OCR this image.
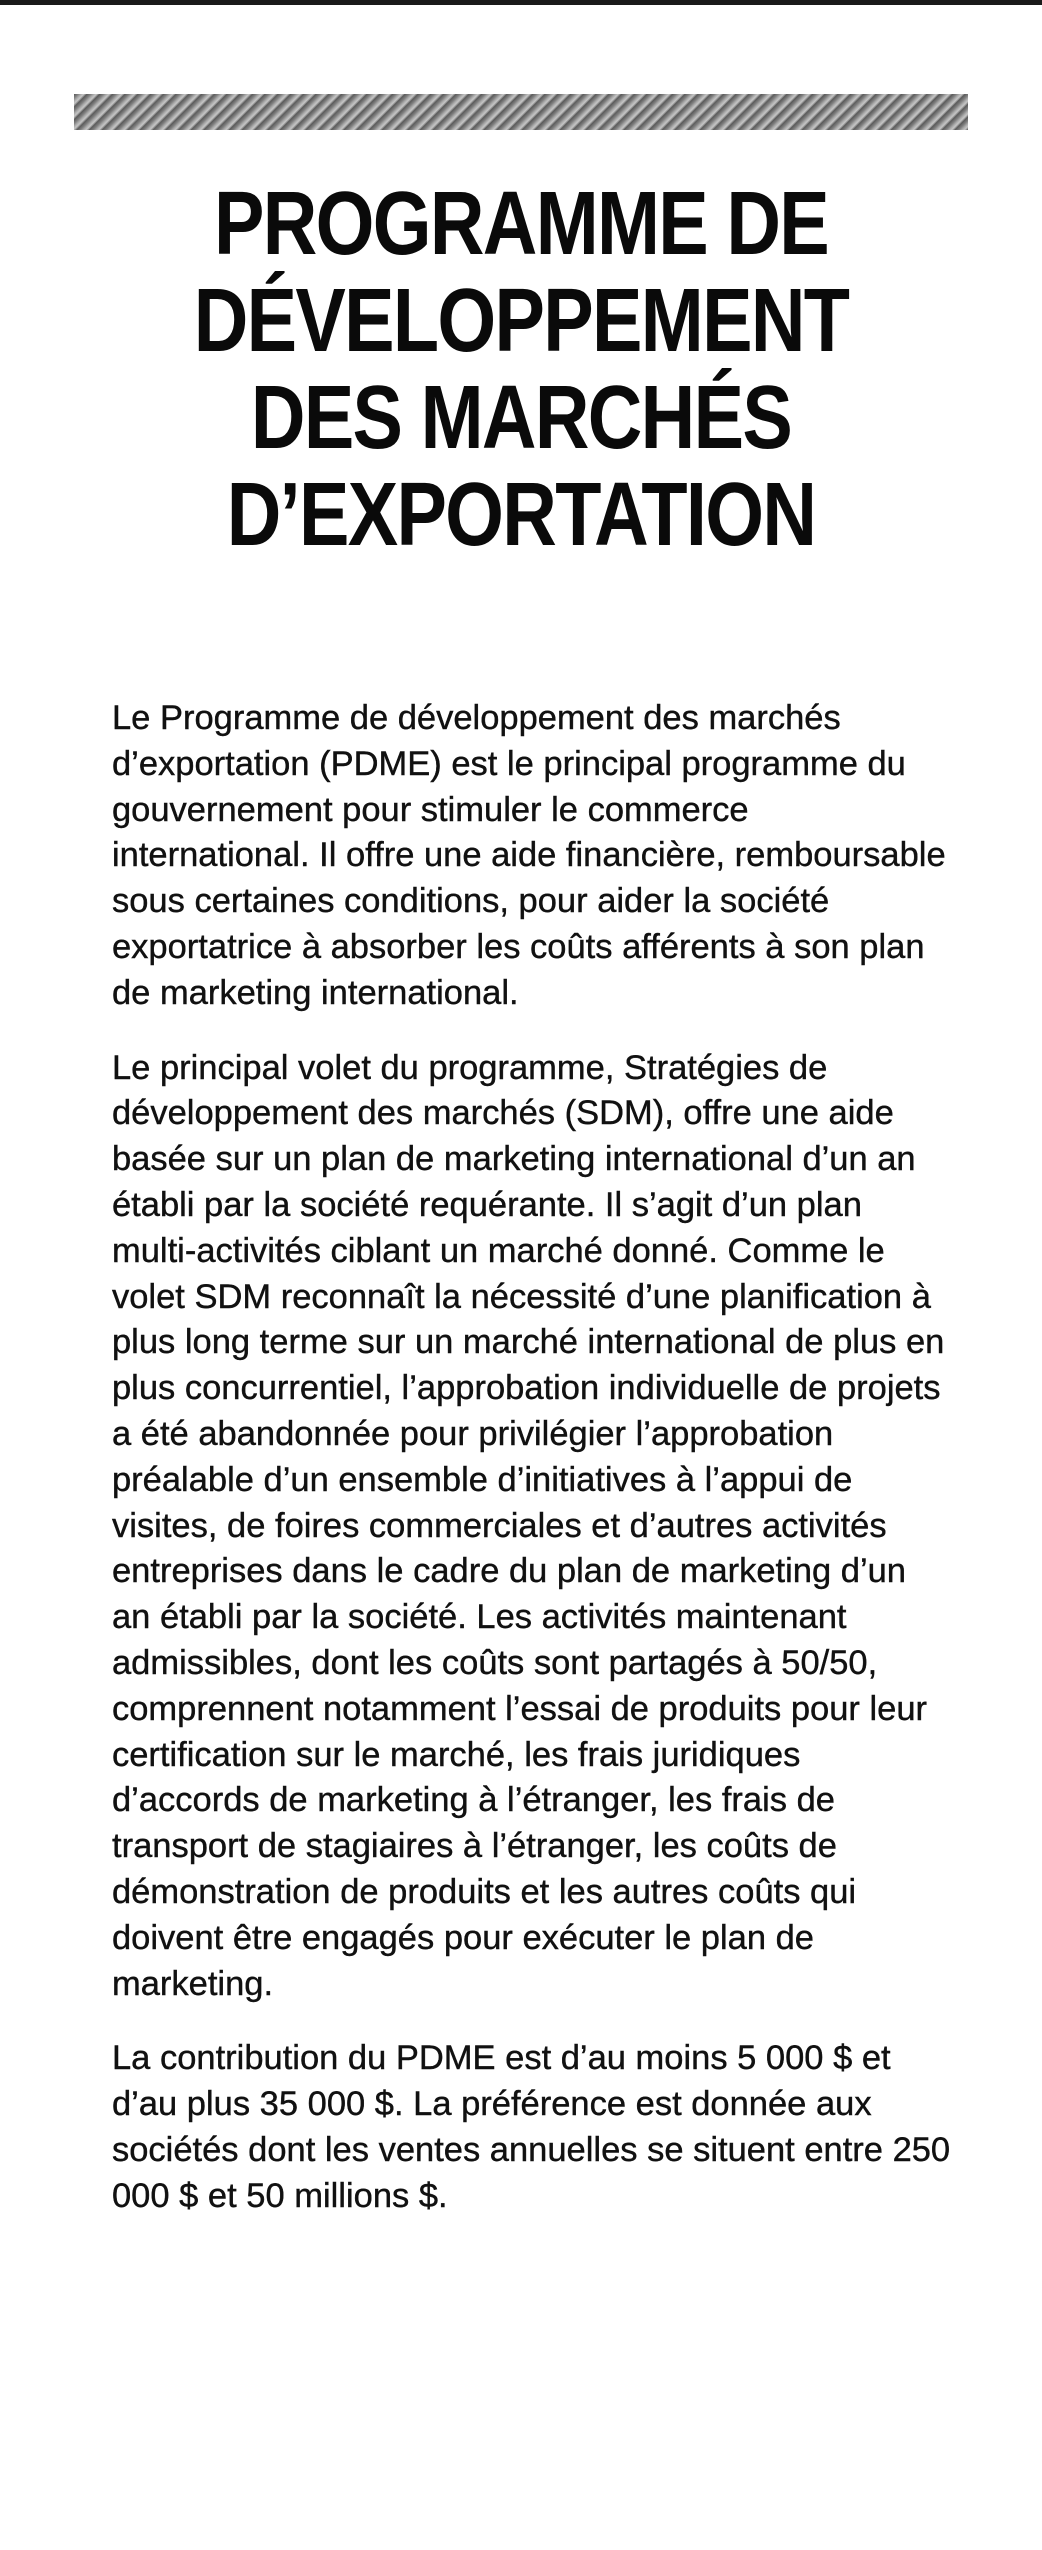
PROGRAMME DE
DÉVELOPPEMENT
DES MARCHÉS
D’EXPORTATION

Le Programme de développement des marchés d’exportation (PDME) est le principal programme du gouvernement pour stimuler le commerce international. Il offre une aide financière, remboursable sous certaines conditions, pour aider la société exportatrice à absorber les coûts afférents à son plan de marketing international.

Le principal volet du programme, Stratégies de développement des marchés (SDM), offre une aide basée sur un plan de marketing international d’un an établi par la société requérante. Il s’agit d’un plan multi-activités ciblant un marché donné. Comme le volet SDM reconnaît la nécessité d’une planification à plus long terme sur un marché international de plus en plus concurrentiel, l’approbation individuelle de projets a été abandonnée pour privilégier l’approbation préalable d’un ensemble d’initiatives à l’appui de visites, de foires commerciales et d’autres activités entreprises dans le cadre du plan de marketing d’un an établi par la société. Les activités maintenant admissibles, dont les coûts sont partagés à 50/50, comprennent notamment l’essai de produits pour leur certification sur le marché, les frais juridiques d’accords de marketing à l’étranger, les frais de transport de stagiaires à l’étranger, les coûts de démonstration de produits et les autres coûts qui doivent être engagés pour exécuter le plan de marketing.

La contribution du PDME est d’au moins 5 000 $ et d’au plus 35 000 $. La préférence est donnée aux sociétés dont les ventes annuelles se situent entre 250 000 $ et 50 millions $.
